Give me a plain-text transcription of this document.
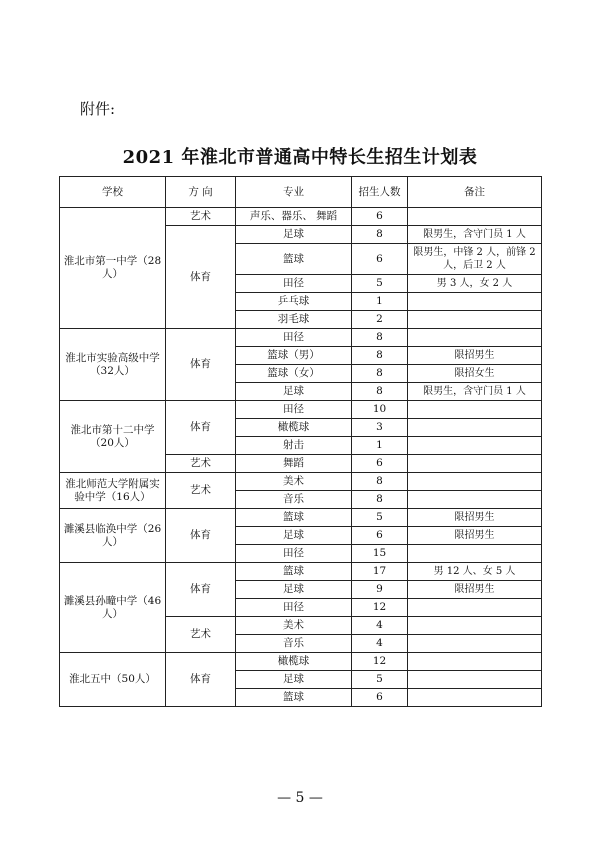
附件:
2021 年淮北市普通高中特长生招生计划表
学校	方 向	专业	招生人数	备注
淮北市第一中学（28人）	艺术	声乐、器乐、 舞蹈	6	
	体育	足球	8	限男生，含守门员 1 人
		篮球	6	限男生，中锋 2 人，前锋 2 人，后卫 2 人
		田径	5	男 3 人，女 2 人
		乒乓球	1	
		羽毛球	2	
淮北市实验高级中学（32人）	体育	田径	8	
		篮球（男）	8	限招男生
		篮球（女）	8	限招女生
		足球	8	限男生，含守门员 1 人
淮北市第十二中学（20人）	体育	田径	10	
		橄榄球	3	
		射击	1	
	艺术	舞蹈	6	
淮北师范大学附属实验中学（16人）	艺术	美术	8	
		音乐	8	
濉溪县临涣中学（26人）	体育	篮球	5	限招男生
		足球	6	限招男生
		田径	15	
濉溪县孙疃中学（46人）	体育	篮球	17	男 12 人、女 5 人
		足球	9	限招男生
		田径	12	
	艺术	美术	4	
		音乐	4	
淮北五中（50人）	体育	橄榄球	12	
		足球	5	
		篮球	6	
— 5 —
